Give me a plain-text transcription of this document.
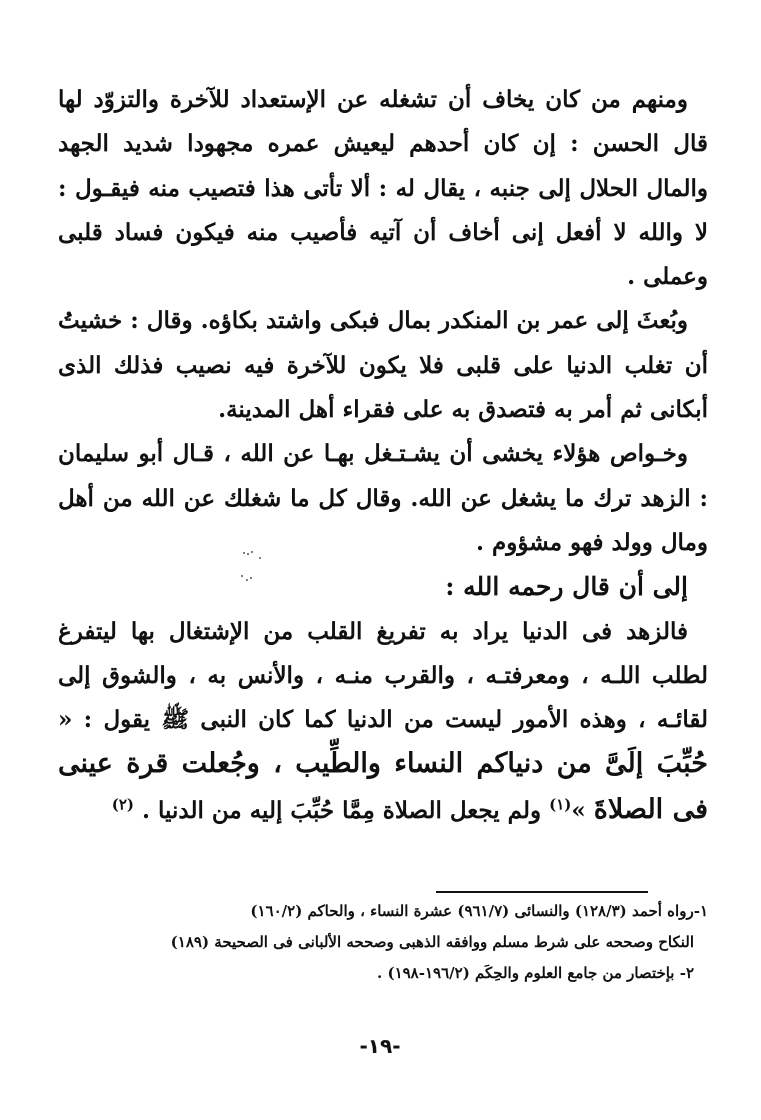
ومنهم من كان يخاف أن تشغله عن الإستعداد للآخرة والتزوّد لها قال الحسن : إن كان أحدهم ليعيش عمره مجهودا شديد الجهد والمال الحلال إلى جنبه ، يقال له : ألا تأتى هذا فتصيب منه فيقـول : لا والله لا أفعل إنى أخاف أن آتيه فأصيب منه فيكون فساد قلبى وعملى .

وبُعثَ إلى عمر بن المنكدر بمال فبكى واشتد بكاؤه. وقال : خشيتُ أن تغلب الدنيا على قلبى فلا يكون للآخرة فيه نصيب فذلك الذى أبكانى ثم أمر به فتصدق به على فقراء أهل المدينة.

وخـواص هؤلاء يخشى أن يشـتـغل بهـا عن الله ، قـال أبو سليمان : الزهد ترك ما يشغل عن الله. وقال كل ما شغلك عن الله من أهل ومال وولد فهو مشؤوم .

إلى أن قال رحمه الله :

فالزهد فى الدنيا يراد به تفريغ القلب من الإشتغال بها ليتفرغ لطلب اللـه ، ومعرفتـه ، والقرب منـه ، والأنس به ، والشوق إلى لقائـه ، وهذه الأمور ليست من الدنيا كما كان النبى ﷺ يقول : « حُبِّبَ إلَىَّ من دنياكم النساء والطِّيب ، وجُعلت قرة عينى فى الصلاةَ »$^{(١)}$ ولم يجعل الصلاة مِمَّا حُبِّبَ إليه من الدنيا . $^{(٢)}$

١-رواه أحمد (١٢٨/٣) والنسائى (٩٦١/٧) عشرة النساء ، والحاكم (١٦٠/٢)

النكاح وصححه على شرط مسلم ووافقه الذهبى وصححه الألبانى فى الصحيحة (١٨٩)

٢- بإختصار من جامع العلوم والحِكَم (١٩٦/٢-١٩٨) .

-١٩-
